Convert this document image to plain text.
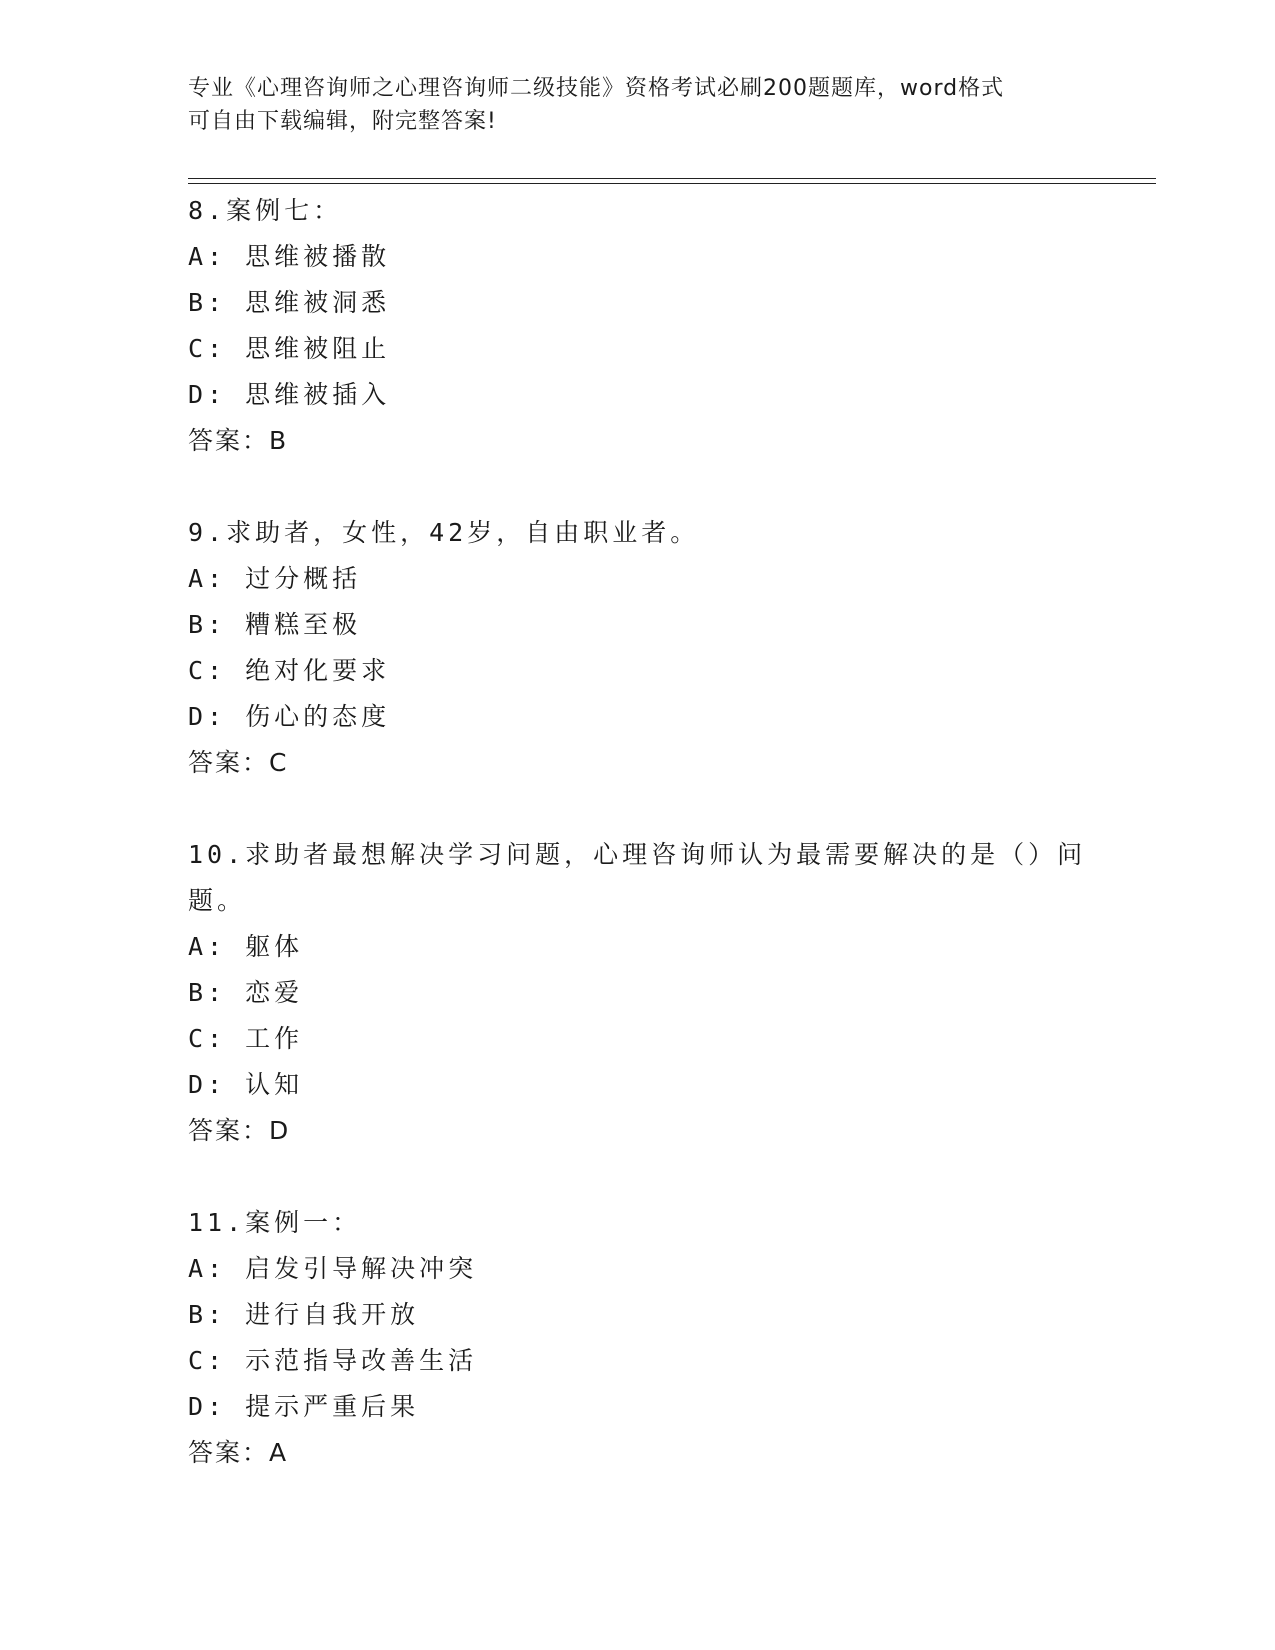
专业《心理咨询师之心理咨询师二级技能》资格考试必刷200题题库，word格式
可自由下载编辑，附完整答案!
8.案例七：
A: 思维被播散
B: 思维被洞悉
C: 思维被阻止
D: 思维被插入
答案：B
9.求助者，女性，42岁，自由职业者。
A: 过分概括
B: 糟糕至极
C: 绝对化要求
D: 伤心的态度
答案：C
10.求助者最想解决学习问题，心理咨询师认为最需要解决的是（）问
题。
A: 躯体
B: 恋爱
C: 工作
D: 认知
答案：D
11.案例一：
A: 启发引导解决冲突
B: 进行自我开放
C: 示范指导改善生活
D: 提示严重后果
答案：A
